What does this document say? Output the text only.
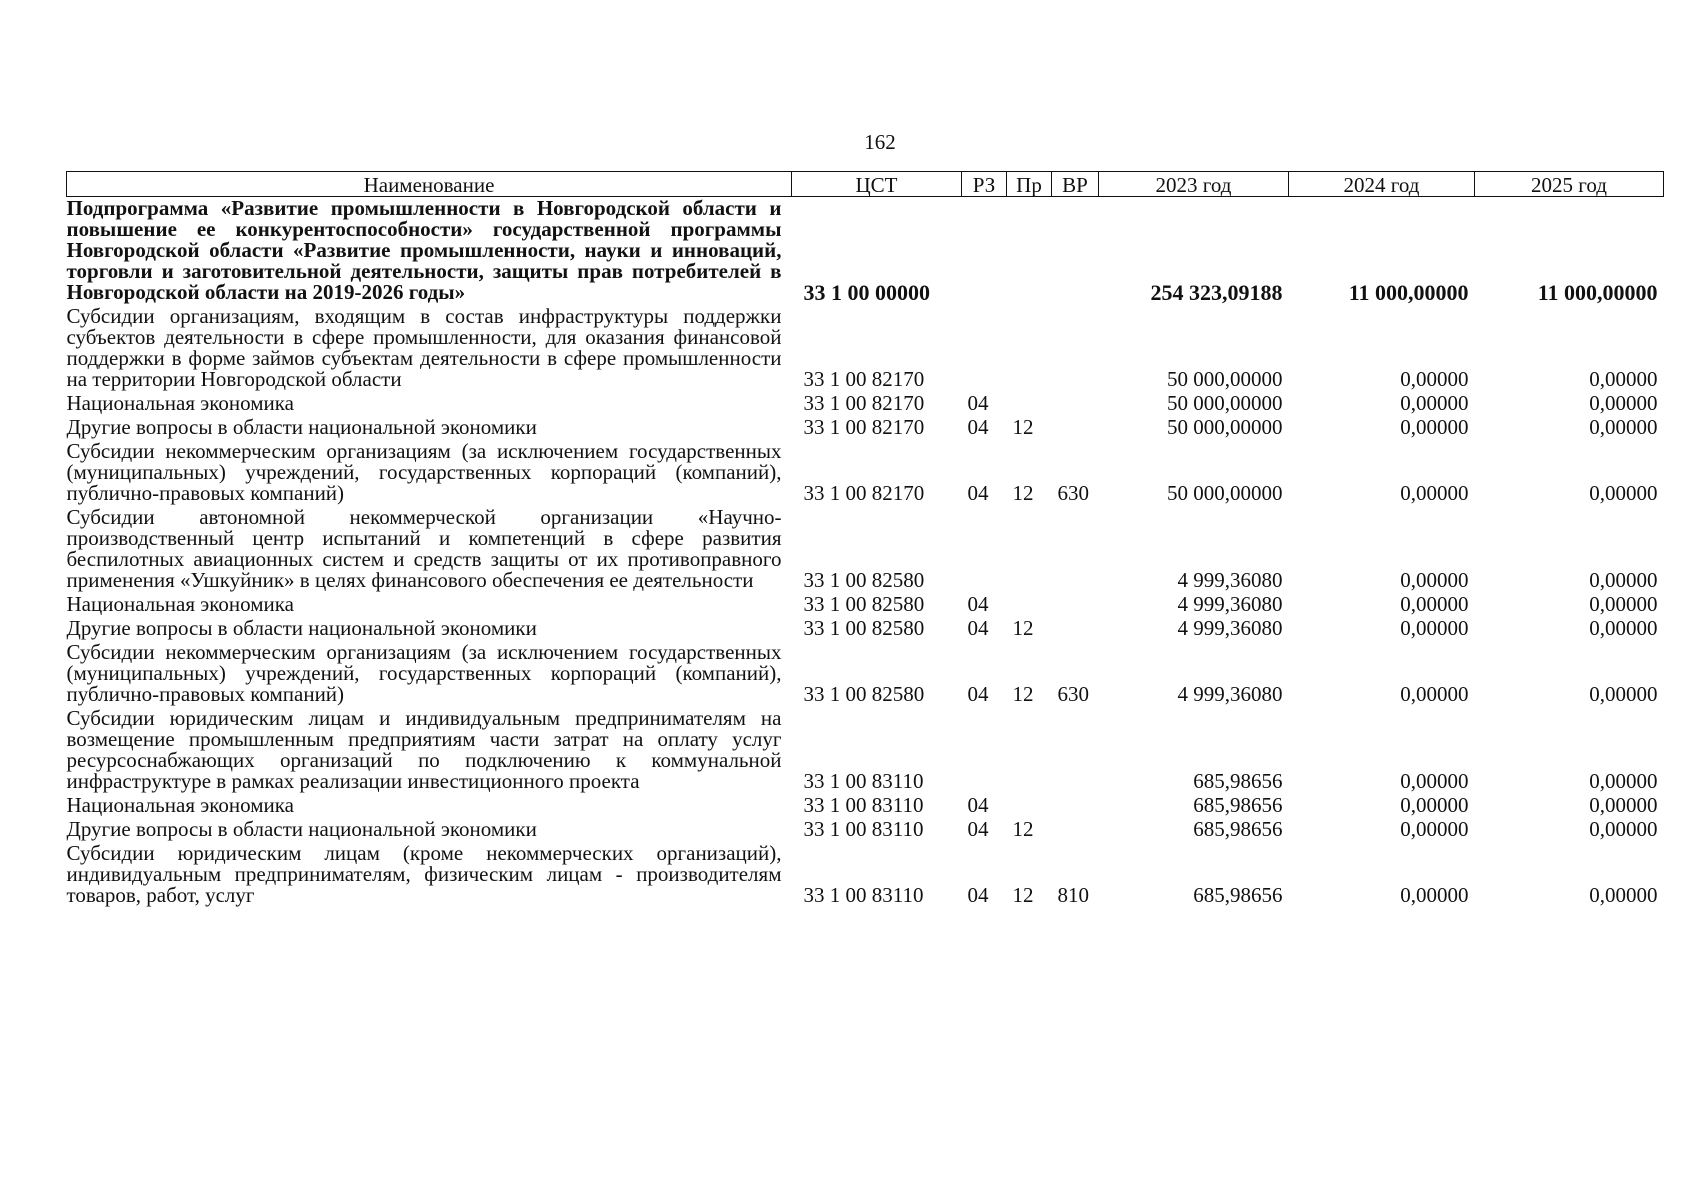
162
Наименование	ЦСТ	РЗ	Пр	ВР	2023 год	2024 год	2025 год
Подпрограмма «Развитие промышленности в Новгородской области и повышение ее конкурентоспособности» государственной программы Новгородской области «Развитие промышленности, науки и инноваций, торговли и заготовительной деятельности, защиты прав потребителей в Новгородской области на 2019-2026 годы»	33 1 00 00000				254 323,09188	11 000,00000	11 000,00000
Субсидии организациям, входящим в состав инфраструктуры поддержки субъектов деятельности в сфере промышленности, для оказания финансовой поддержки в форме займов субъектам деятельности в сфере промышленности на территории Новгородской области	33 1 00 82170				50 000,00000	0,00000	0,00000
Национальная экономика	33 1 00 82170	04			50 000,00000	0,00000	0,00000
Другие вопросы в области национальной экономики	33 1 00 82170	04	12		50 000,00000	0,00000	0,00000
Субсидии некоммерческим организациям (за исключением государственных (муниципальных) учреждений, государственных корпораций (компаний), публично-правовых компаний)	33 1 00 82170	04	12	630	50 000,00000	0,00000	0,00000
Субсидии автономной некоммерческой организации «Научно-производственный центр испытаний и компетенций в сфере развития беспилотных авиационных систем и средств защиты от их противоправного применения «Ушкуйник» в целях финансового обеспечения ее деятельности	33 1 00 82580				4 999,36080	0,00000	0,00000
Национальная экономика	33 1 00 82580	04			4 999,36080	0,00000	0,00000
Другие вопросы в области национальной экономики	33 1 00 82580	04	12		4 999,36080	0,00000	0,00000
Субсидии некоммерческим организациям (за исключением государственных (муниципальных) учреждений, государственных корпораций (компаний), публично-правовых компаний)	33 1 00 82580	04	12	630	4 999,36080	0,00000	0,00000
Субсидии юридическим лицам и индивидуальным предпринимателям на возмещение промышленным предприятиям части затрат на оплату услуг ресурсоснабжающих организаций по подключению к коммунальной инфраструктуре в рамках реализации инвестиционного проекта	33 1 00 83110				685,98656	0,00000	0,00000
Национальная экономика	33 1 00 83110	04			685,98656	0,00000	0,00000
Другие вопросы в области национальной экономики	33 1 00 83110	04	12		685,98656	0,00000	0,00000
Субсидии юридическим лицам (кроме некоммерческих организаций), индивидуальным предпринимателям, физическим лицам - производителям товаров, работ, услуг	33 1 00 83110	04	12	810	685,98656	0,00000	0,00000
